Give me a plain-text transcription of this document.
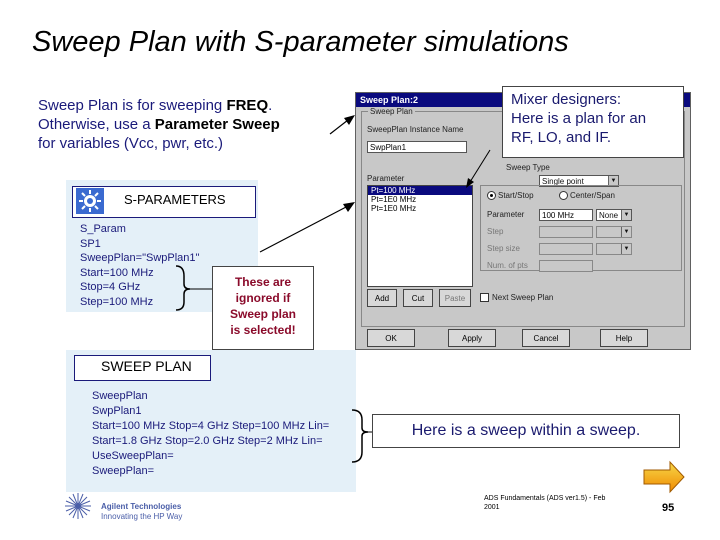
Sweep Plan with S-parameter simulations
Sweep Plan is for sweeping FREQ.
Otherwise, use a Parameter Sweep
for variables (Vcc, pwr, etc.)
S-PARAMETERS
S_Param
SP1
SweepPlan="SwpPlan1"
Start=100 MHz
Stop=4 GHz
Step=100 MHz
SWEEP PLAN
SweepPlan
SwpPlan1
Start=100 MHz Stop=4 GHz Step=100 MHz Lin=
Start=1.8 GHz Stop=2.0 GHz Step=2 MHz Lin=
UseSweepPlan=
SweepPlan=
These are
ignored if
Sweep plan
is selected!
Sweep Plan:2
Sweep Plan
SweepPlan Instance Name
SwpPlan1
Sweep Type
Single point	▼
Parameter
Pt=100 MHz
Pt=1E0 MHz
Pt=1E0 MHz
Start/Stop	Center/Span
Parameter	100 MHz	None ▼
Step	▼
Step size	▼
Num. of pts
Add	Cut	Paste	Next Sweep Plan
OK	Apply	Cancel	Help
Mixer designers:
Here is a plan for an
RF, LO, and IF.
Here is a sweep within a sweep.
Agilent Technologies
Innovating the HP Way
ADS Fundamentals (ADS ver1.5) - Feb
2001	95
